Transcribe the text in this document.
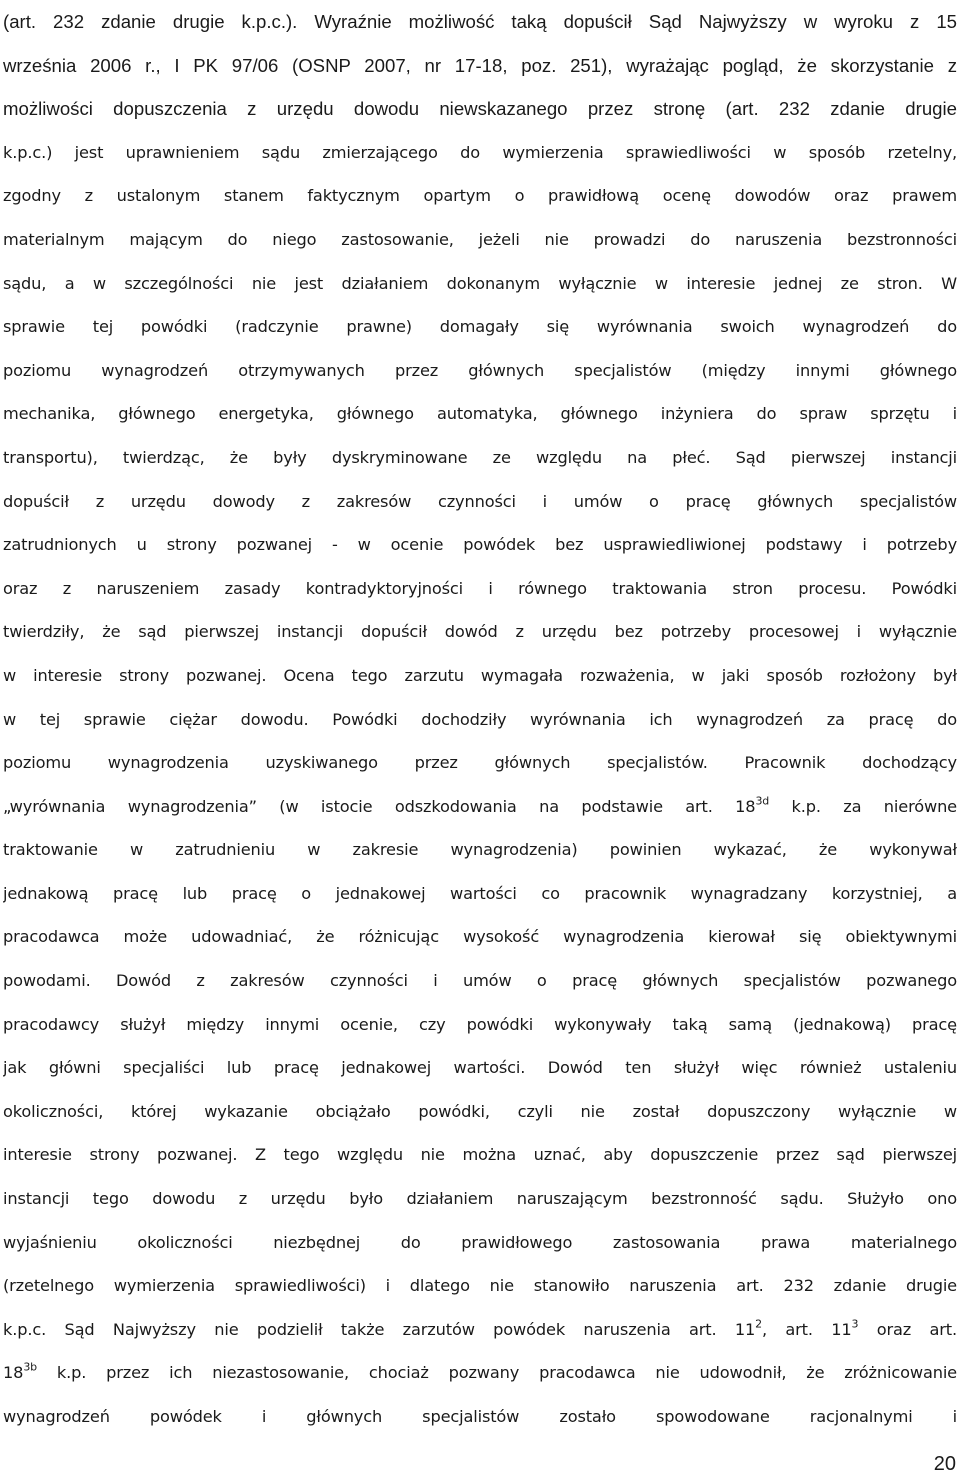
(art. 232 zdanie drugie k.p.c.). Wyraźnie możliwość taką dopuścił Sąd Najwyższy w wyroku z 15
września 2006 r., I PK 97/06 (OSNP 2007, nr 17-18, poz. 251), wyrażając pogląd, że skorzystanie z
możliwości dopuszczenia z urzędu dowodu niewskazanego przez stronę (art. 232 zdanie drugie
k.p.c.) jest uprawnieniem sądu zmierzającego do wymierzenia sprawiedliwości w sposób rzetelny,
zgodny z ustalonym stanem faktycznym opartym o prawidłową ocenę dowodów oraz prawem
materialnym mającym do niego zastosowanie, jeżeli nie prowadzi do naruszenia bezstronności
sądu, a w szczególności nie jest działaniem dokonanym wyłącznie w interesie jednej ze stron. W
sprawie tej powódki (radczynie prawne) domagały się wyrównania swoich wynagrodzeń do
poziomu wynagrodzeń otrzymywanych przez głównych specjalistów (między innymi głównego
mechanika, głównego energetyka, głównego automatyka, głównego inżyniera do spraw sprzętu i
transportu), twierdząc, że były dyskryminowane ze względu na płeć. Sąd pierwszej instancji
dopuścił z urzędu dowody z zakresów czynności i umów o pracę głównych specjalistów
zatrudnionych u strony pozwanej - w ocenie powódek bez usprawiedliwionej podstawy i potrzeby
oraz z naruszeniem zasady kontradyktoryjności i równego traktowania stron procesu. Powódki
twierdziły, że sąd pierwszej instancji dopuścił dowód z urzędu bez potrzeby procesowej i wyłącznie
w interesie strony pozwanej. Ocena tego zarzutu wymagała rozważenia, w jaki sposób rozłożony był
w tej sprawie ciężar dowodu. Powódki dochodziły wyrównania ich wynagrodzeń za pracę do
poziomu wynagrodzenia uzyskiwanego przez głównych specjalistów. Pracownik dochodzący
„wyrównania wynagrodzenia” (w istocie odszkodowania na podstawie art. $18^{3d}$ k.p. za nierówne
traktowanie w zatrudnieniu w zakresie wynagrodzenia) powinien wykazać, że wykonywał
jednakową pracę lub pracę o jednakowej wartości co pracownik wynagradzany korzystniej, a
pracodawca może udowadniać, że różnicując wysokość wynagrodzenia kierował się obiektywnymi
powodami. Dowód z zakresów czynności i umów o pracę głównych specjalistów pozwanego
pracodawcy służył między innymi ocenie, czy powódki wykonywały taką samą (jednakową) pracę
jak główni specjaliści lub pracę jednakowej wartości. Dowód ten służył więc również ustaleniu
okoliczności, której wykazanie obciążało powódki, czyli nie został dopuszczony wyłącznie w
interesie strony pozwanej. Z tego względu nie można uznać, aby dopuszczenie przez sąd pierwszej
instancji tego dowodu z urzędu było działaniem naruszającym bezstronność sądu. Służyło ono
wyjaśnieniu okoliczności niezbędnej do prawidłowego zastosowania prawa materialnego
(rzetelnego wymierzenia sprawiedliwości) i dlatego nie stanowiło naruszenia art. 232 zdanie drugie
k.p.c. Sąd Najwyższy nie podzielił także zarzutów powódek naruszenia art. $11^2$, art. $11^3$ oraz art.
$18^{3b}$ k.p. przez ich niezastosowanie, chociaż pozwany pracodawca nie udowodnił, że zróżnicowanie
wynagrodzeń powódek i głównych specjalistów zostało spowodowane racjonalnymi i
20
